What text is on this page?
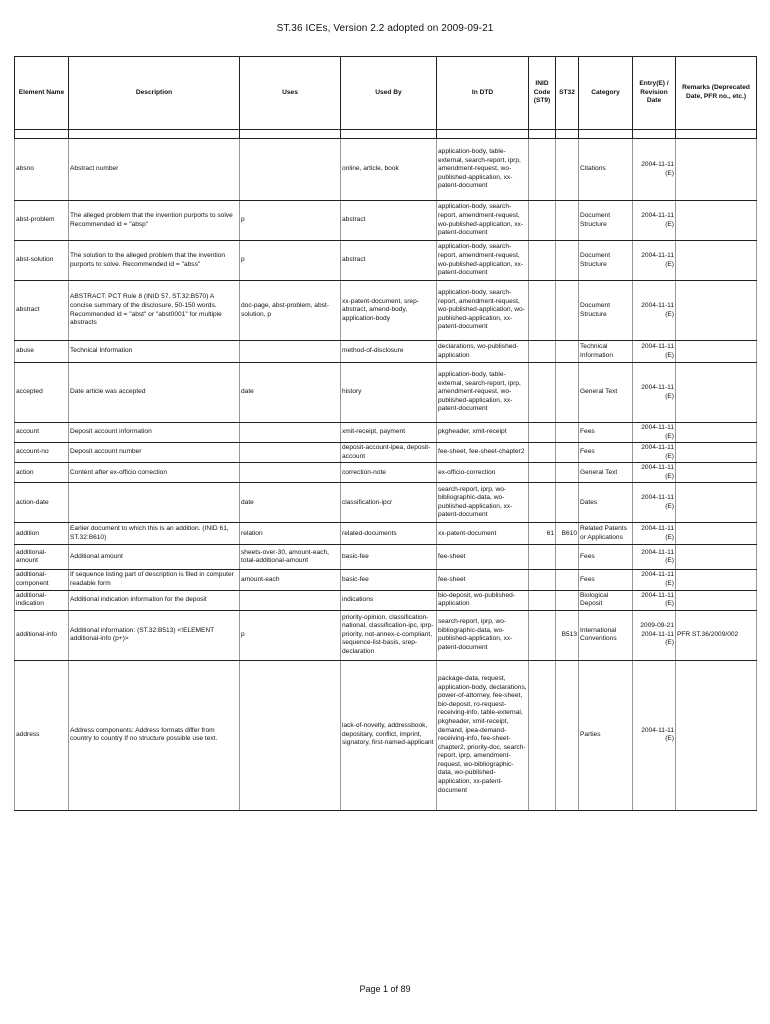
ST.36 ICEs, Version 2.2 adopted on 2009-09-21
Element Name	Description	Uses	Used By	In DTD	INID Code (ST9)	ST32	Category	Entry(E) / Revision Date	Remarks (Deprecated Date, PFR no., etc.)

absno	Abstract number		online, article, book	application-body, table-external, search-report, iprp, amendment-request, wo-published-application, xx-patent-document			Citations	2004-11-11 (E)	
abst-problem	The alleged problem that the invention purports to solve Recommended id = "absp"	p	abstract	application-body, search-report, amendment-request, wo-published-application, xx-patent-document			Document Structure	2004-11-11 (E)	
abst-solution	The solution to the alleged problem that the invention purports to solve. Recommended id = "abss"	p	abstract	application-body, search-report, amendment-request, wo-published-application, xx-patent-document			Document Structure	2004-11-11 (E)	
abstract	ABSTRACT: PCT Rule 8 (INID 57, ST.32:B570) A concise summary of the disclosure, 50-150 words. Recommended id = "abst" or "abst0001" for multiple abstracts	doc-page, abst-problem, abst-solution, p	xx-patent-document, srep-abstract, amend-body, application-body	application-body, search-report, amendment-request, wo-published-application, wo-published-application, xx-patent-document			Document Structure	2004-11-11 (E)	
abuse	Technical Information		method-of-disclosure	declarations, wo-published-application			Technical Information	2004-11-11 (E)	
accepted	Date article was accepted	date	history	application-body, table-external, search-report, iprp, amendment-request, wo-published-application, xx-patent-document			General Text	2004-11-11 (E)	
account	Deposit account information		xmit-receipt, payment	pkgheader, xmit-receipt			Fees	2004-11-11 (E)	
account-no	Deposit account number		deposit-account-ipea, deposit-account	fee-sheet, fee-sheet-chapter2			Fees	2004-11-11 (E)	
action	Content after ex-officio correction		correction-note	ex-officio-correction			General Text	2004-11-11 (E)	
action-date		date	classification-ipcr	search-report, iprp, wo-bibliographic-data, wo-published-application, xx-patent-document			Dates	2004-11-11 (E)	
addition	Earlier document to which this is an addition. (INID 61, ST.32:B610)	relation	related-documents	xx-patent-document	61	B610	Related Patents or Applications	2004-11-11 (E)	
additional-amount	Additional amount	sheets-over-30, amount-each, total-additional-amount	basic-fee	fee-sheet			Fees	2004-11-11 (E)	
additional-component	If sequence listing part of description is filed in computer readable form	amount-each	basic-fee	fee-sheet			Fees	2004-11-11 (E)	
additional-indication	Additional indication information for the deposit		indications	bio-deposit, wo-published-application			Biological Deposit	2004-11-11 (E)	
additional-info	Additional information: (ST.32:B513) <!ELEMENT additional-info (p+)>	p	priority-opinion, classification-national, classification-ipc, iprp-priority, not-annex-c-compliant, sequence-list-basis, srep-declaration	search-report, iprp, wo-bibliographic-data, wo-published-application, xx-patent-document		B513	International Conventions	2009-09-21 2004-11-11 (E)	PFR ST.36/2009/002
address	Address components: Address formats differ from country to country If no structure possible use text.		lack-of-novelty, addressbook, depositary, conflict, imprint, signatory, first-named-applicant	package-data, request, application-body, declarations, power-of-attorney, fee-sheet, bio-deposit, ro-request-receiving-info, table-external, pkgheader, xmit-receipt, demand, ipea-demand-receiving-info, fee-sheet-chapter2, priority-doc, search-report, iprp, amendment-request, wo-bibliographic-data, wo-published-application, xx-patent-document			Parties	2004-11-11 (E)	
Page 1 of 89
